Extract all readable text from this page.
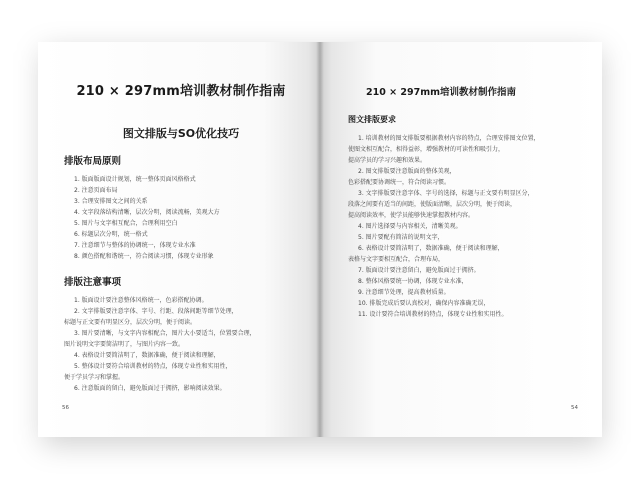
210 × 297mm培训教材制作指南
图文排版与SO优化技巧
排版布局原则
1. 版面版面设计规划，统一整体页面风格格式
2. 注意页面布局
3. 合理安排图文之间的关系
4. 文字段落结构清晰，层次分明，阅读流畅，美观大方
5. 图片与文字相互配合，合理利用空白
6. 标题层次分明，统一格式
7. 注意细节与整体的协调统一，体现专业水准
8. 颜色搭配和谐统一，符合阅读习惯，体现专业形象
排版注意事项
1. 版面设计要注意整体风格统一，色彩搭配协调。
2. 文字排版要注意字体、字号、行距、段落间距等细节处理，
标题与正文要有明显区分，层次分明，便于阅读。
3. 图片要清晰，与文字内容相配合，图片大小要适当，位置要合理，
图片说明文字要简洁明了，与图片内容一致。
4. 表格设计要简洁明了，数据准确，便于阅读和理解，
5. 整体设计要符合培训教材的特点，体现专业性和实用性，
便于学员学习和掌握。
6. 注意版面的留白，避免版面过于拥挤，影响阅读效果。
56
210 × 297mm培训教材制作指南
图文排版要求
1. 培训教材的图文排版要根据教材内容的特点，合理安排图文位置，
使图文相互配合，相得益彰，增强教材的可读性和吸引力，
提高学员的学习兴趣和效果。
2. 图文排版要注意版面的整体美观，
色彩搭配要协调统一，符合阅读习惯。
3. 文字排版要注意字体、字号的选择，标题与正文要有明显区分，
段落之间要有适当的间距，使版面清晰，层次分明，便于阅读，
提高阅读效率，使学员能够快速掌握教材内容。
4. 图片选择要与内容相关，清晰美观。
5. 图片要配有简洁的说明文字，
6. 表格设计要简洁明了，数据准确，便于阅读和理解，
表格与文字要相互配合，合理布局，
7. 版面设计要注意留白，避免版面过于拥挤。
8. 整体风格要统一协调，体现专业水准，
9. 注意细节处理，提高教材质量。
10. 排版完成后要认真校对，确保内容准确无误，
11. 设计要符合培训教材的特点，体现专业性和实用性。
54
